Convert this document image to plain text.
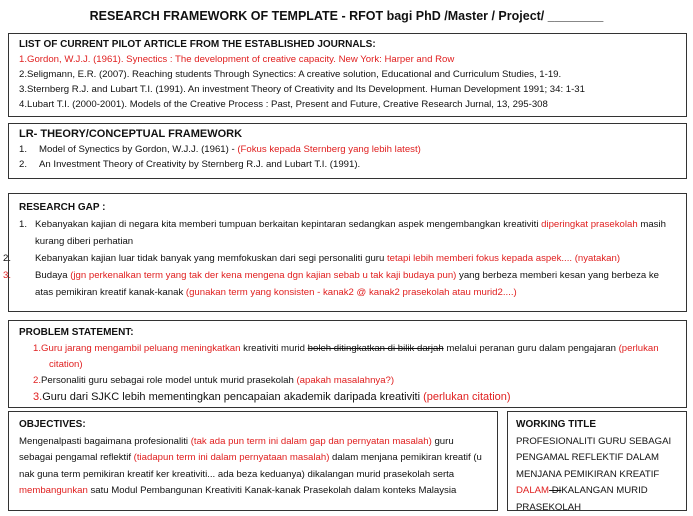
RESEARCH FRAMEWORK OF TEMPLATE - RFOT bagi PhD /Master / Project/ ________
LIST OF CURRENT PILOT ARTICLE FROM THE ESTABLISHED JOURNALS:
1.Gordon, W.J.J. (1961). Synectics : The development of creative capacity. New York: Harper and Row
2.Seligmann, E.R. (2007). Reaching students Through Synectics: A creative solution, Educational and Curriculum Studies, 1-19.
3.Sternberg R.J. and Lubart T.I. (1991). An investment Theory of Creativity and Its Development. Human Development 1991; 34: 1-31
4.Lubart T.I. (2000-2001). Models of the Creative Process : Past, Present and Future, Creative Research Jurnal, 13, 295-308
LR- THEORY/CONCEPTUAL FRAMEWORK
1. Model of Synectics by Gordon, W.J.J. (1961) - (Fokus kepada Sternberg yang lebih latest)
2. An Investment Theory of Creativity by Sternberg R.J. and Lubart T.I. (1991).
RESEARCH GAP :
1. Kebanyakan kajian di negara kita memberi tumpuan berkaitan kepintaran sedangkan aspek mengembangkan kreativiti diperingkat prasekolah masih kurang diberi perhatian
2. Kebanyakan kajian luar tidak banyak yang memfokuskan dari segi personaliti guru tetapi lebih memberi fokus kepada aspek.... (nyatakan)
3. Budaya (jgn perkenalkan term yang tak der kena mengena dgn kajian sebab u tak kaji budaya pun) yang berbeza memberi kesan yang berbeza ke atas pemikiran kreatif kanak-kanak (gunakan term yang konsisten - kanak2 @ kanak2 prasekolah atau murid2....)
PROBLEM STATEMENT:
1.Guru jarang mengambil peluang meningkatkan kreativiti murid boleh ditingkatkan di bilik darjah melalui peranan guru dalam pengajaran (perlukan citation)
2.Personaliti guru sebagai role model untuk murid prasekolah (apakah masalahnya?)
3.Guru dari SJKC lebih mementingkan pencapaian akademik daripada kreativiti (perlukan citation)
OBJECTIVES:
Mengenalpasti bagaimana profesionaliti (tak ada pun term ini dalam gap dan pernyatan masalah) guru sebagai pengamal reflektif (tiadapun term ini dalam pernyataan masalah) dalam menjana pemikiran kreatif (u nak guna term pemikiran kreatif ker kreativiti... ada beza keduanya) dikalangan murid prasekolah serta membangunkan satu Modul Pembangunan Kreativiti Kanak-kanak Prasekolah dalam konteks Malaysia
WORKING TITLE
PROFESIONALITI GURU SEBAGAI PENGAMAL REFLEKTIF DALAM MENJANA PEMIKIRAN KREATIF DALAM DIKALANGAN MURID PRASEKOLAH
